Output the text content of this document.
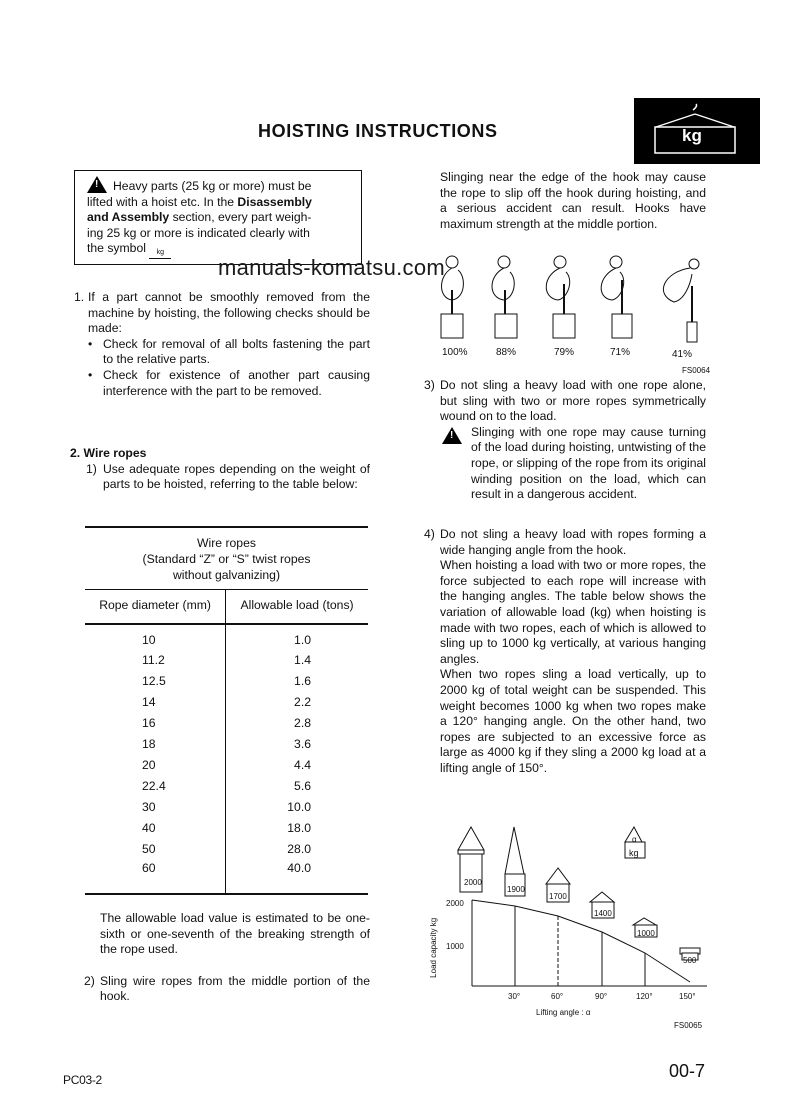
HOISTING INSTRUCTIONS	kg
!Heavy parts (25 kg or more) must be
lifted with a hoist etc. In the Disassembly
and Assembly section, every part weigh-
ing 25 kg or more is indicated clearly with
the symbol kg
manuals-komatsu.com
1. If a part cannot be smoothly removed from the machine by hoisting, the following checks should be made:
• Check for removal of all bolts fastening the part to the relative parts.
• Check for existence of another part causing interference with the part to be removed.
2. Wire ropes
1) Use adequate ropes depending on the weight of parts to be hoisted, referring to the table below:
Wire ropes
(Standard “Z” or “S” twist ropes
without galvanizing)	

Rope diameter (mm)	Allowable load (tons)
10	1.0
11.2	1.4
12.5	1.6
14	2.2
16	2.8
18	3.6
20	4.4
22.4	5.6
30	10.0
40	18.0
50	28.0
60	40.0
The allowable load value is estimated to be one-sixth or one-seventh of the breaking strength of the rope used.
2) Sling wire ropes from the middle portion of the hook.
Slinging near the edge of the hook may cause the rope to slip off the hook during hoisting, and a serious accident can result. Hooks have maximum strength at the middle portion.
100%	88%	79%	71%	41%
FS0064
3) Do not sling a heavy load with one rope alone, but sling with two or more ropes symmetrically wound on to the load.
!
Slinging with one rope may cause turning of the load during hoisting, untwisting of the rope, or slipping of the rope from its original winding position on the load, which can result in a dangerous accident.
4) Do not sling a heavy load with ropes forming a wide hanging angle from the hook.
When hoisting a load with two or more ropes, the force subjected to each rope will increase with the hanging angles. The table below shows the variation of allowable load (kg) when hoisting is made with two ropes, each of which is allowed to sling up to 1000 kg vertically, at various hanging angles.
When two ropes sling a load vertically, up to 2000 kg of total weight can be suspended. This weight becomes 1000 kg when two ropes make a 120° hanging angle. On the other hand, two ropes are subjected to an excessive force as large as 4000 kg if they sling a 2000 kg load at a lifting angle of 150°.
2000
1900
1700
1400
1000
500
α
kg
2000
1000
Load capacity kg
30°	60°	90°	120°	150°
Lifting angle : α
FS0065
PC03-2	00-7
